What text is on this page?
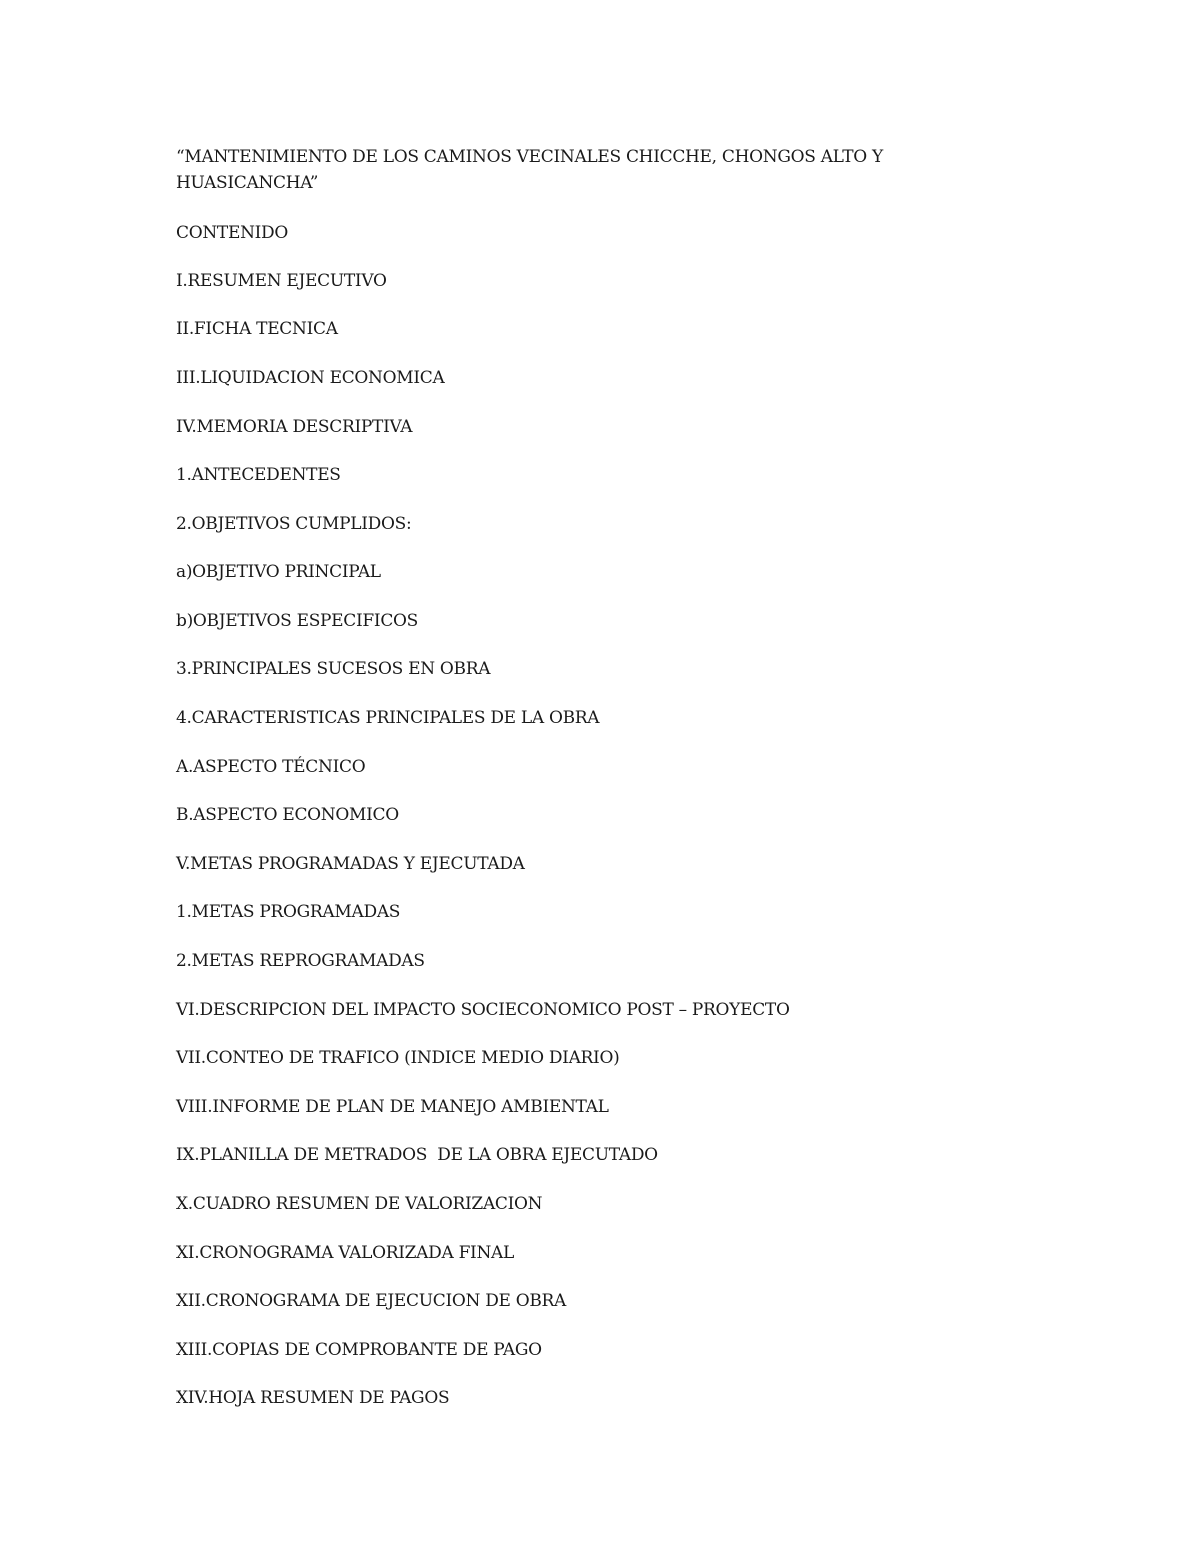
“MANTENIMIENTO DE LOS CAMINOS VECINALES CHICCHE, CHONGOS ALTO Y HUASICANCHA”

CONTENIDO

I.RESUMEN EJECUTIVO

II.FICHA TECNICA

III.LIQUIDACION ECONOMICA

IV.MEMORIA DESCRIPTIVA

1.ANTECEDENTES

2.OBJETIVOS CUMPLIDOS:

a)OBJETIVO PRINCIPAL

b)OBJETIVOS ESPECIFICOS

3.PRINCIPALES SUCESOS EN OBRA

4.CARACTERISTICAS PRINCIPALES DE LA OBRA

A.ASPECTO TÉCNICO

B.ASPECTO ECONOMICO

V.METAS PROGRAMADAS Y EJECUTADA

1.METAS PROGRAMADAS

2.METAS REPROGRAMADAS

VI.DESCRIPCION DEL IMPACTO SOCIECONOMICO POST – PROYECTO

VII.CONTEO DE TRAFICO (INDICE MEDIO DIARIO)

VIII.INFORME DE PLAN DE MANEJO AMBIENTAL

IX.PLANILLA DE METRADOS  DE LA OBRA EJECUTADO

X.CUADRO RESUMEN DE VALORIZACION

XI.CRONOGRAMA VALORIZADA FINAL

XII.CRONOGRAMA DE EJECUCION DE OBRA

XIII.COPIAS DE COMPROBANTE DE PAGO

XIV.HOJA RESUMEN DE PAGOS
